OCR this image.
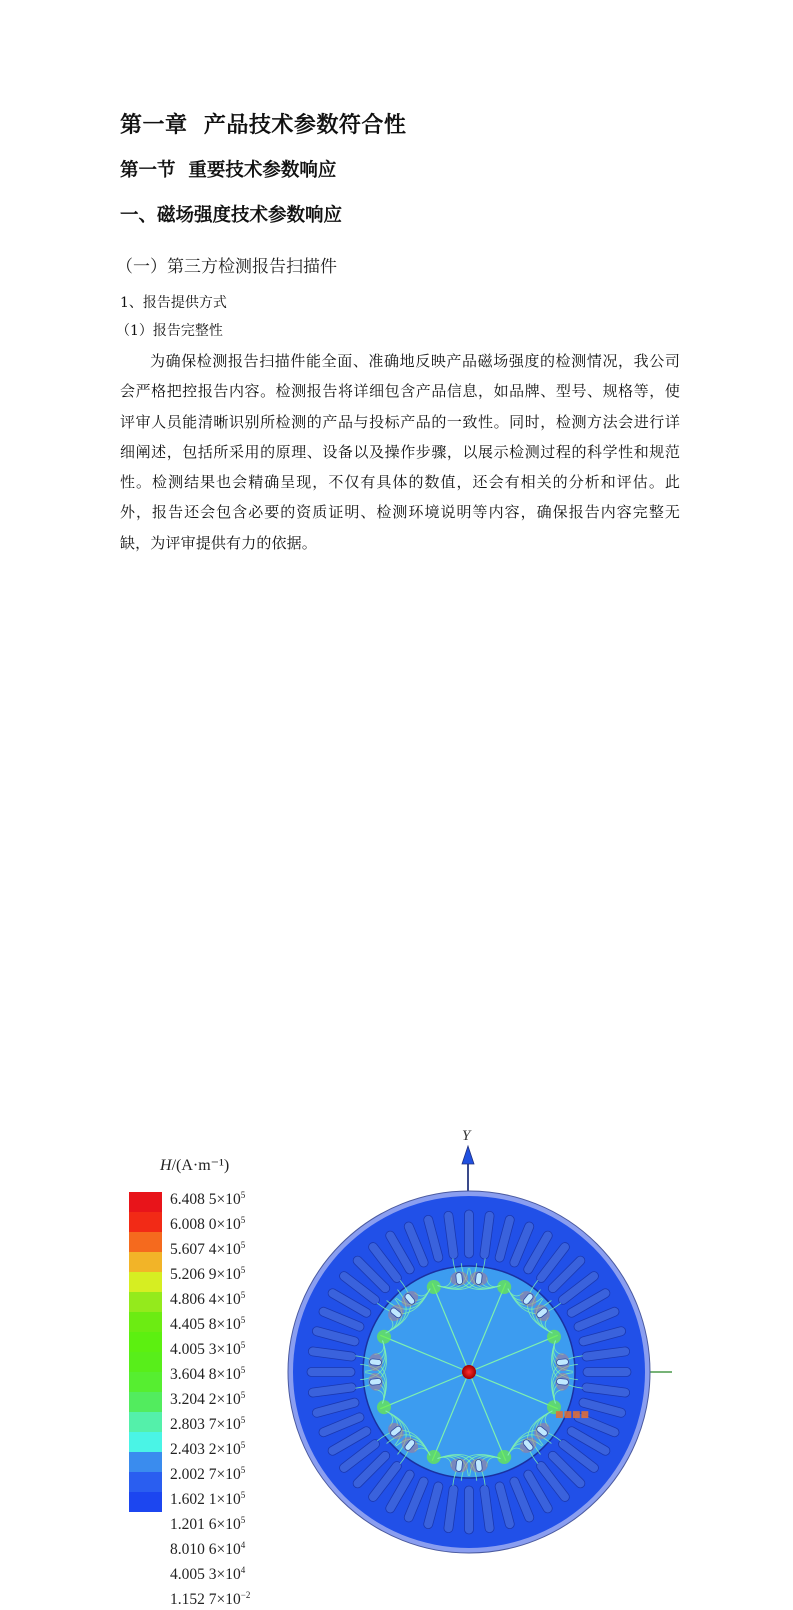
第一章  产品技术参数符合性
第一节  重要技术参数响应
一、磁场强度技术参数响应
（一）第三方检测报告扫描件
1、报告提供方式
（1）报告完整性

为确保检测报告扫描件能全面、准确地反映产品磁场强度的检测情况，我公司会严格把控报告内容。检测报告将详细包含产品信息，如品牌、型号、规格等，使评审人员能清晰识别所检测的产品与投标产品的一致性。同时，检测方法会进行详细阐述，包括所采用的原理、设备以及操作步骤，以展示检测过程的科学性和规范性。检测结果也会精确呈现，不仅有具体的数值，还会有相关的分析和评估。此外，报告还会包含必要的资质证明、检测环境说明等内容，确保报告内容完整无缺，为评审提供有力的依据。

H/(A·m⁻¹)
6.408 $5\times 10^5$
6.008 $0\times 10^5$
5.607 $4\times 10^5$
5.206 $9\times 10^5$
4.806 $4\times 10^5$
4.405 $8\times 10^5$
4.005 $3\times 10^5$
3.604 $8\times 10^5$
3.204 $2\times 10^5$
2.803 $7\times 10^5$
2.403 $2\times 10^5$
2.002 $7\times 10^5$
1.602 $1\times 10^5$
1.201 $6\times 10^5$
8.010 $6\times 10^4$
4.005 $3\times 10^4$
1.152 $7\times 10^{-2}$
Y
■■■■
